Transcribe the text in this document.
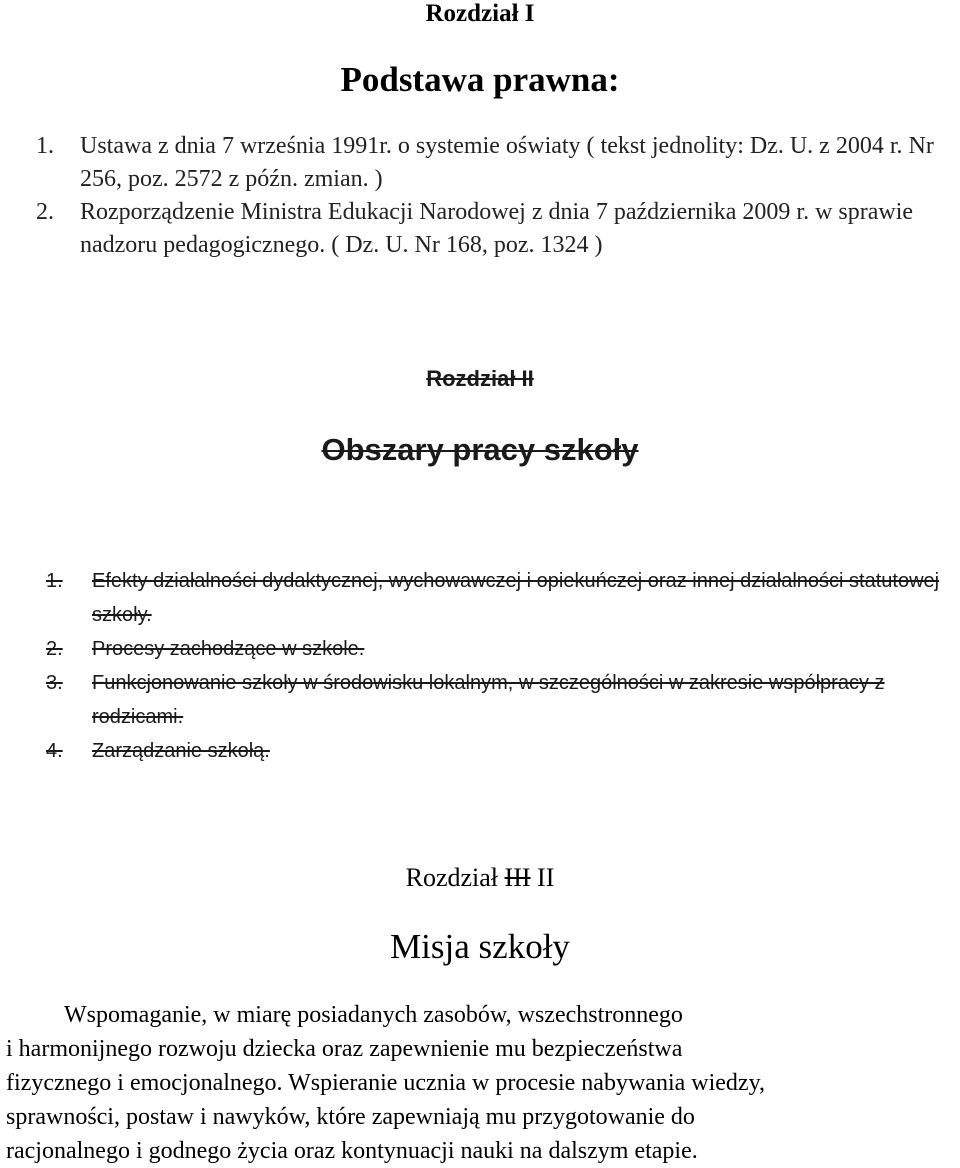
Rozdział I
Podstawa prawna:
1. Ustawa z dnia 7 września 1991r. o systemie oświaty ( tekst jednolity: Dz. U. z 2004 r. Nr 256, poz. 2572 z późn. zmian. )
2. Rozporządzenie Ministra Edukacji Narodowej z dnia 7 października 2009 r. w sprawie nadzoru pedagogicznego. ( Dz. U. Nr 168, poz. 1324 )
Rozdział II
Obszary pracy szkoły
1.	Efekty działalności dydaktycznej, wychowawczej i opiekuńczej oraz innej działalności statutowej szkoły.
2.	Procesy zachodzące w szkole.
3.	Funkcjonowanie szkoły w środowisku lokalnym, w szczególności w zakresie współpracy z rodzicami.
4.	Zarządzanie szkołą.
Rozdział III II
Misja szkoły
Wspomaganie, w miarę posiadanych zasobów, wszechstronnego
i harmonijnego rozwoju dziecka oraz zapewnienie mu bezpieczeństwa
fizycznego i emocjonalnego. Wspieranie ucznia w procesie nabywania wiedzy,
sprawności, postaw i nawyków, które zapewniają mu przygotowanie do
racjonalnego i godnego życia oraz kontynuacji nauki na dalszym etapie.
